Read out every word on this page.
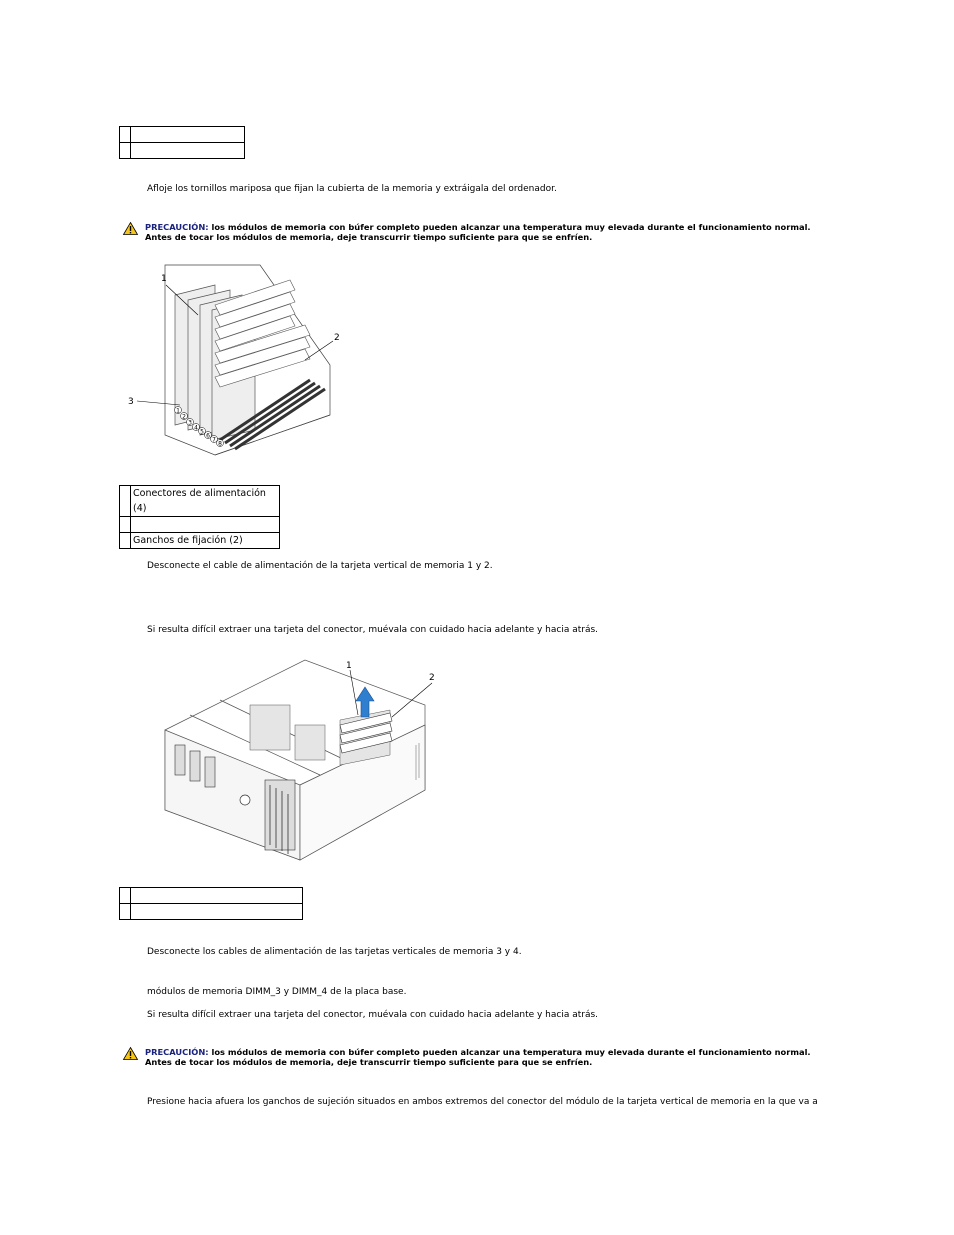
Afloje los tornillos mariposa que fijan la cubierta de la memoria y extráigala del ordenador.
PRECAUCIÓN: los módulos de memoria con búfer completo pueden alcanzar una temperatura muy elevada durante el funcionamiento normal.
Antes de tocar los módulos de memoria, deje transcurrir tiempo suficiente para que se enfríen.
1
2
3
1
2
3
4
5
6
7
8
	Conectores de alimentación (4)

	Ganchos de fijación (2)
Desconecte el cable de alimentación de la tarjeta vertical de memoria 1 y 2.
Si resulta difícil extraer una tarjeta del conector, muévala con cuidado hacia adelante y hacia atrás.
1
2

Desconecte los cables de alimentación de las tarjetas verticales de memoria 3 y 4.
módulos de memoria DIMM_3 y DIMM_4 de la placa base.
Si resulta difícil extraer una tarjeta del conector, muévala con cuidado hacia adelante y hacia atrás.
PRECAUCIÓN: los módulos de memoria con búfer completo pueden alcanzar una temperatura muy elevada durante el funcionamiento normal.
Antes de tocar los módulos de memoria, deje transcurrir tiempo suficiente para que se enfríen.
Presione hacia afuera los ganchos de sujeción situados en ambos extremos del conector del módulo de la tarjeta vertical de memoria en la que va a
